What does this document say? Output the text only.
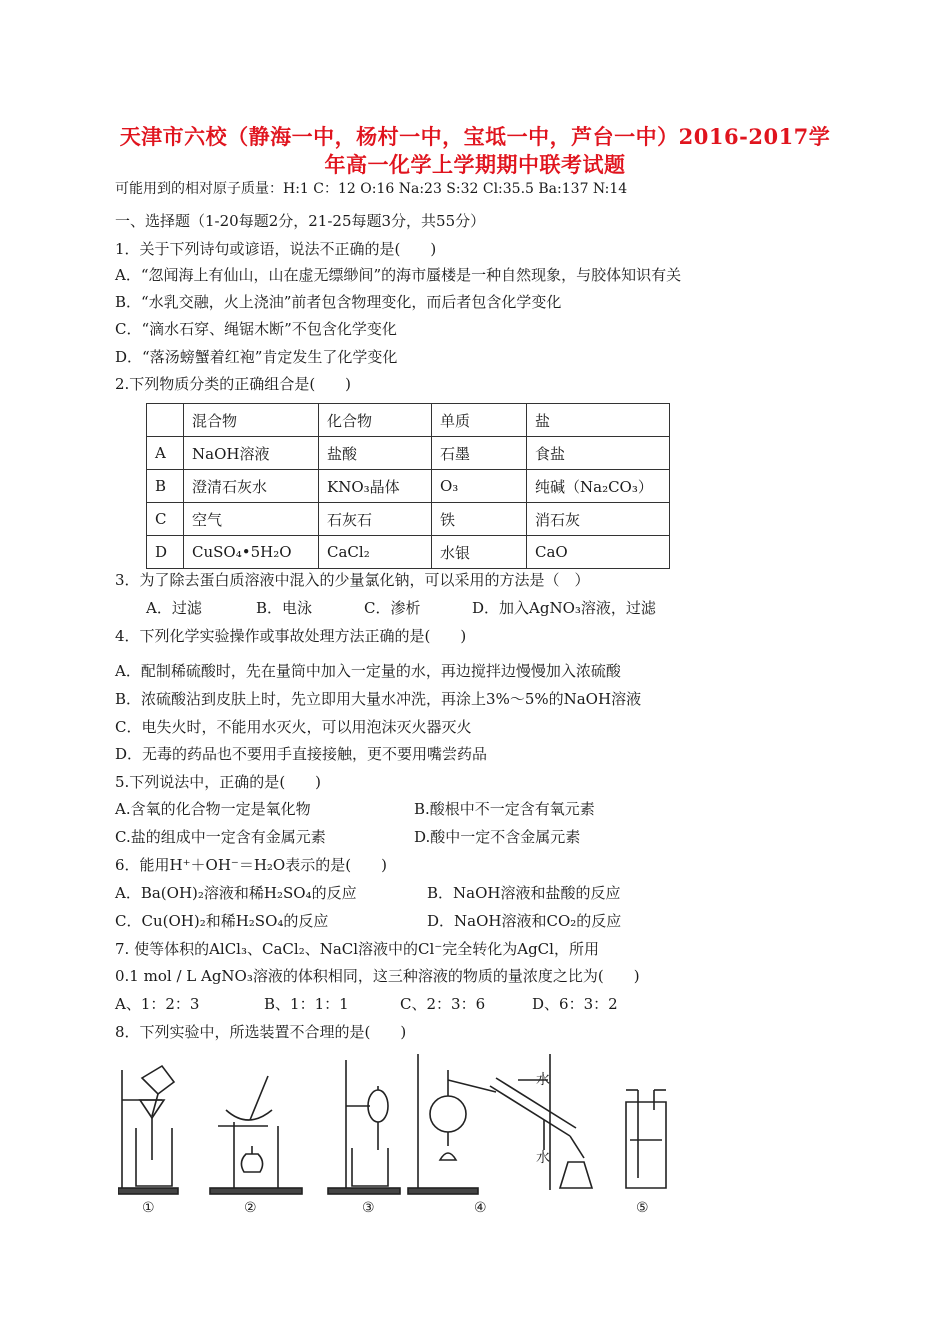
天津市六校（静海一中，杨村一中，宝坻一中，芦台一中）2016-2017学
年高一化学上学期期中联考试题
可能用到的相对原子质量：H:1 C：12 O:16 Na:23 S:32 Cl:35.5 Ba:137 N:14
一、选择题（1-20每题2分，21-25每题3分，共55分）
1．关于下列诗句或谚语，说法不正确的是(　　)
A．“忽闻海上有仙山，山在虚无缥缈间”的海市蜃楼是一种自然现象，与胶体知识有关
B．“水乳交融，火上浇油”前者包含物理变化，而后者包含化学变化
C．“滴水石穿、绳锯木断”不包含化学变化
D．“落汤螃蟹着红袍”肯定发生了化学变化
2.下列物质分类的正确组合是(　　)
	混合物	化合物	单质	盐
A	NaOH溶液	盐酸	石墨	食盐
B	澄清石灰水	KNO₃晶体	O₃	纯碱（Na₂CO₃）
C	空气	石灰石	铁	消石灰
D	CuSO₄•5H₂O	CaCl₂	水银	CaO
3．为了除去蛋白质溶液中混入的少量氯化钠，可以采用的方法是（　）
A．过滤	B．电泳	C．渗析	D．加入AgNO₃溶液，过滤
4．下列化学实验操作或事故处理方法正确的是(　　)
A．配制稀硫酸时，先在量筒中加入一定量的水，再边搅拌边慢慢加入浓硫酸
B．浓硫酸沾到皮肤上时，先立即用大量水冲洗，再涂上3%～5%的NaOH溶液
C．电失火时，不能用水灭火，可以用泡沫灭火器灭火
D．无毒的药品也不要用手直接接触，更不要用嘴尝药品
5.下列说法中，正确的是(　　)
A.含氧的化合物一定是氧化物	B.酸根中不一定含有氧元素
C.盐的组成中一定含有金属元素	D.酸中一定不含金属元素
6．能用H⁺＋OH⁻＝H₂O表示的是(　　)
A．Ba(OH)₂溶液和稀H₂SO₄的反应	B．NaOH溶液和盐酸的反应
C．Cu(OH)₂和稀H₂SO₄的反应	D．NaOH溶液和CO₂的反应
7. 使等体积的AlCl₃、CaCl₂、NaCl溶液中的Cl⁻完全转化为AgCl，所用
0.1 mol / L AgNO₃溶液的体积相同，这三种溶液的物质的量浓度之比为(　　)
A、1：2：3	B、1：1：1	C、2：3：6	D、6：3：2
8．下列实验中，所选装置不合理的是(　　)
①	②	③
水
水
④	⑤
